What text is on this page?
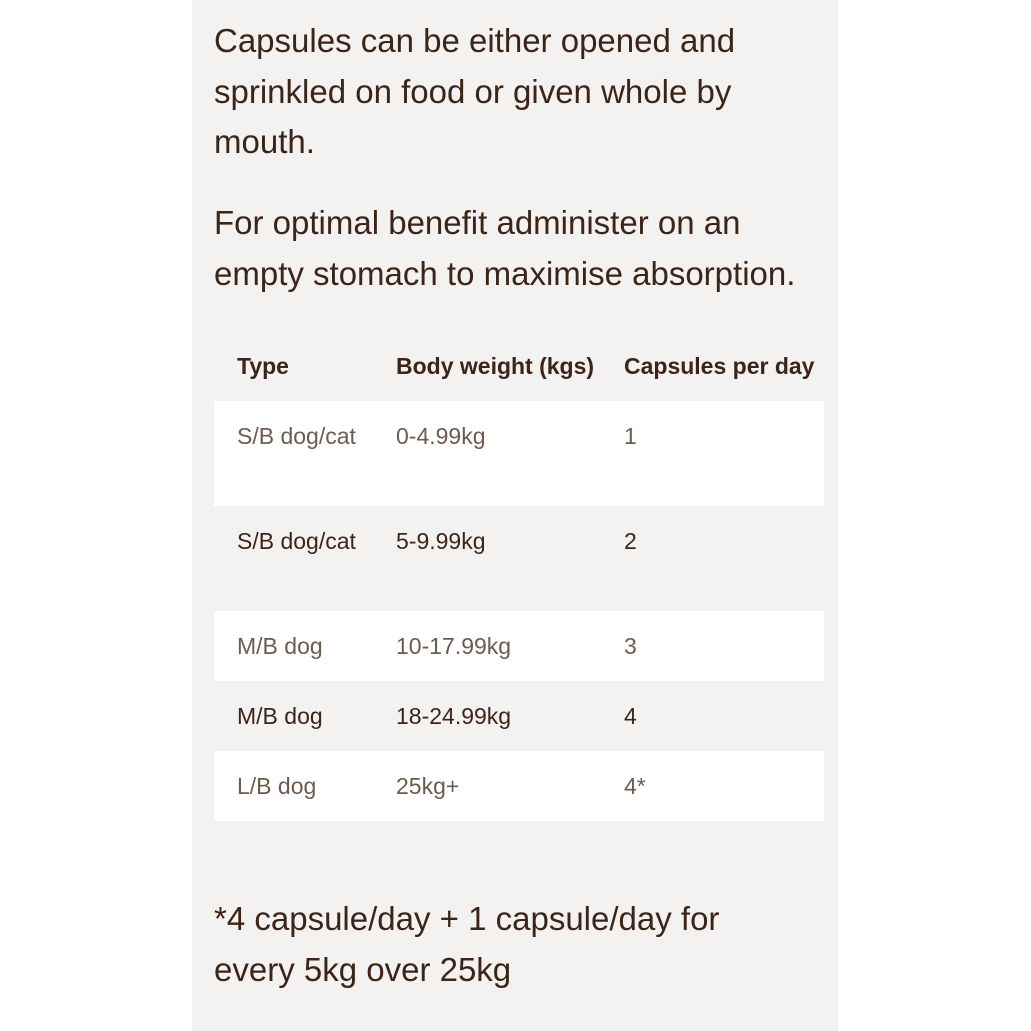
Capsules can be either opened and sprinkled on food or given whole by mouth.

For optimal benefit administer on an empty stomach to maximise absorption.

Type	Body weight (kgs)	Capsules per day
S/B dog/cat	0-4.99kg	1
S/B dog/cat	5-9.99kg	2
M/B dog	10-17.99kg	3
M/B dog	18-24.99kg	4
L/B dog	25kg+	4*

*4 capsule/day + 1 capsule/day for every 5kg over 25kg
